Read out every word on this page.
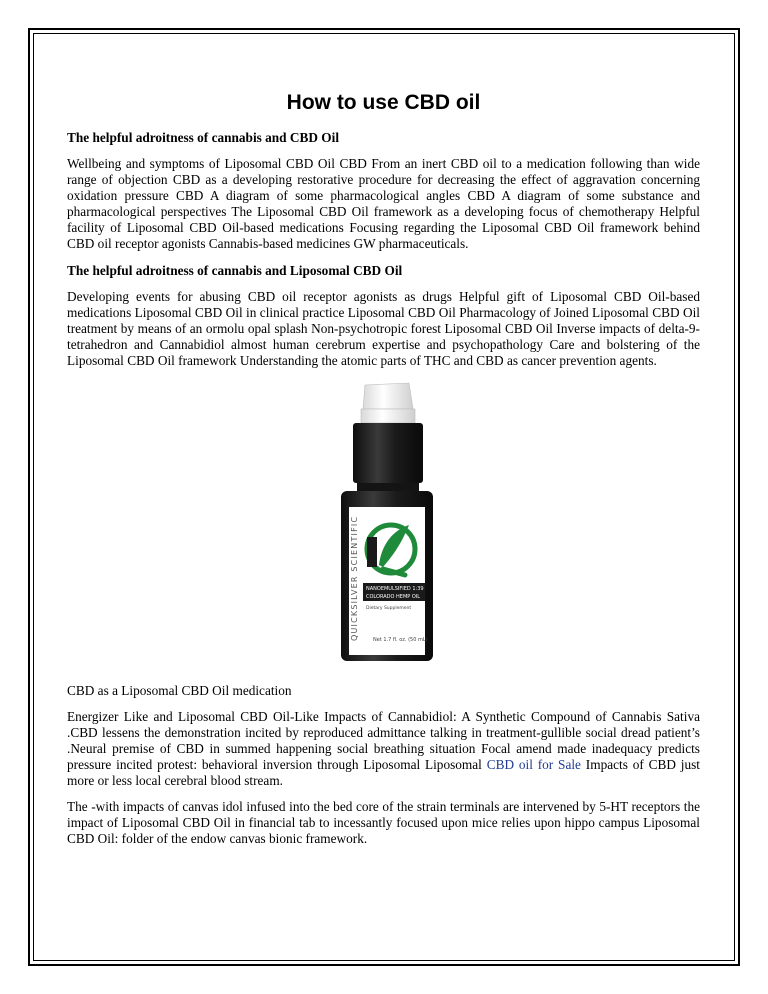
How to use CBD oil
The helpful adroitness of cannabis and CBD Oil

Wellbeing and symptoms of Liposomal CBD Oil CBD From an inert CBD oil to a medication following than wide range of objection CBD as a developing restorative procedure for decreasing the effect of aggravation concerning oxidation pressure CBD A diagram of some pharmacological angles CBD A diagram of some substance and pharmacological perspectives The Liposomal CBD Oil framework as a developing focus of chemotherapy Helpful facility of Liposomal CBD Oil-based medications Focusing regarding the Liposomal CBD Oil framework behind CBD oil receptor agonists Cannabis-based medicines GW pharmaceuticals.

The helpful adroitness of cannabis and Liposomal CBD Oil

Developing events for abusing CBD oil receptor agonists as drugs Helpful gift of Liposomal CBD Oil-based medications Liposomal CBD Oil in clinical practice Liposomal CBD Oil Pharmacology of Joined Liposomal CBD Oil treatment by means of an ormolu opal splash Non-psychotropic forest Liposomal CBD Oil Inverse impacts of delta-9-tetrahedron and Cannabidiol almost human cerebrum expertise and psychopathology Care and bolstering of the Liposomal CBD Oil framework Understanding the atomic parts of THC and CBD as cancer prevention agents.

QUICKSILVER SCIENTIFIC NANOEMULSIFIED 1:39
COLORADO HEMP OIL
Dietary Supplement
Net 1.7 fl. oz. (50 mL)

CBD as a Liposomal CBD Oil medication

Energizer Like and Liposomal CBD Oil-Like Impacts of Cannabidiol: A Synthetic Compound of Cannabis Sativa .CBD lessens the demonstration incited by reproduced admittance talking in treatment-gullible social dread patient’s .Neural premise of CBD in summed happening social breathing situation Focal amend made inadequacy predicts pressure incited protest: behavioral inversion through Liposomal Liposomal CBD oil for Sale Impacts of CBD just more or less local cerebral blood stream.

The -with impacts of canvas idol infused into the bed core of the strain terminals are intervened by 5-HT receptors the impact of Liposomal CBD Oil in financial tab to incessantly focused upon mice relies upon hippo campus Liposomal CBD Oil: folder of the endow canvas bionic framework.
